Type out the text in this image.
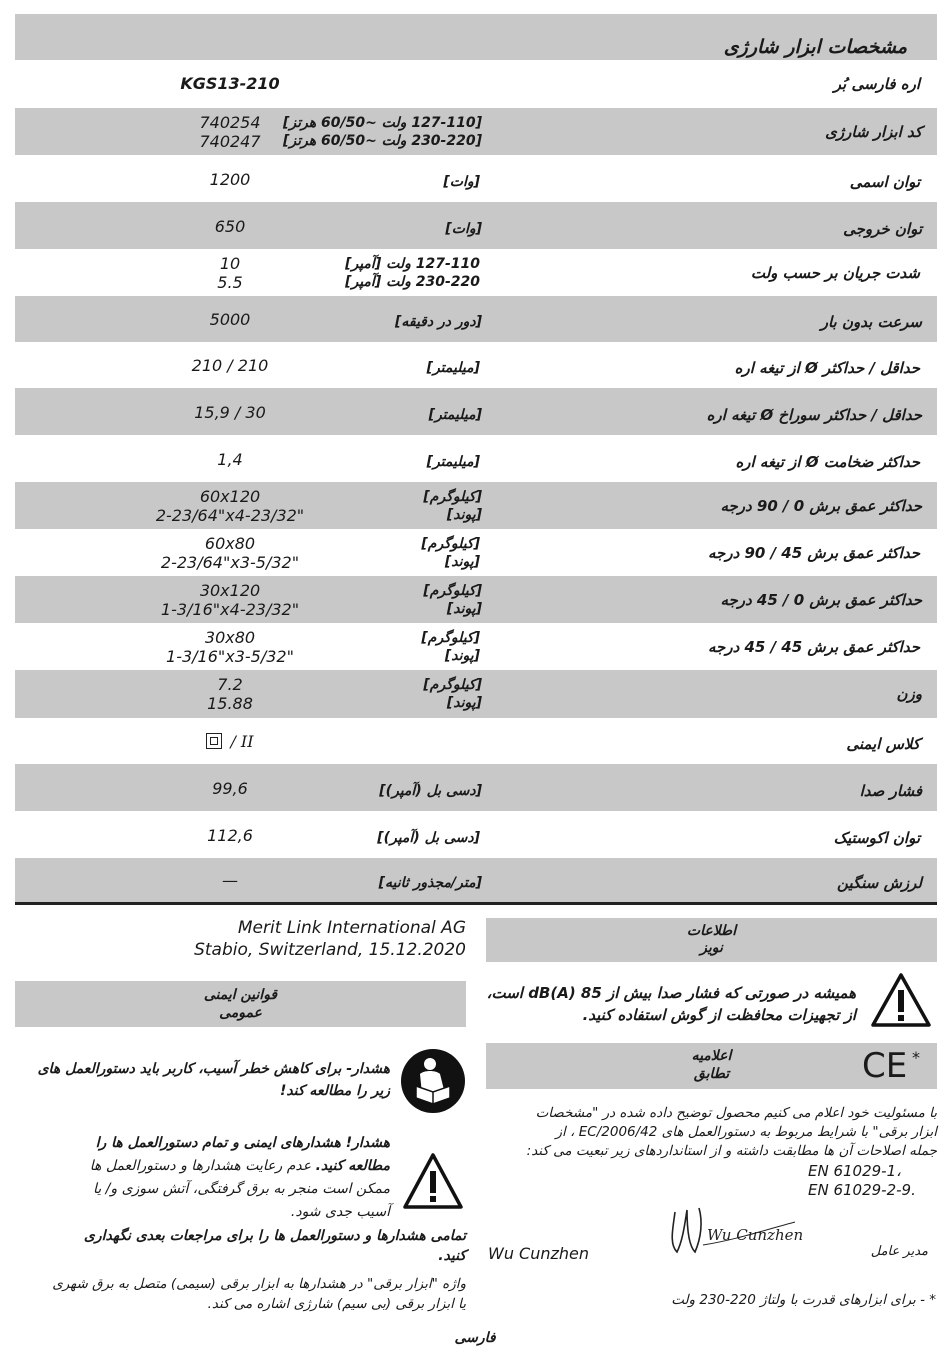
مشخصات ابزار شارژی
اره فارسی بُر
KGS13-210
کد ابزار شارژی
[127-110 ولت ~60/50 هرتز]
[230-220 ولت ~60/50 هرتز]
740254
740247
توان اسمی
[وات]
1200
توان خروجی
[وات]
650
شدت جریان بر حسب ولت
127-110 ولت [آمپر]
230-220 ولت [آمپر]
10
5.5
سرعت بدون بار
[دور در دقیقه]
5000
حداقل / حداکثر Ø از تیغه اره
[میلیمتر]
210 / 210
حداقل / حداکثر سوراخ Ø تیغه اره
[میلیمتر]
15,9 / 30
حداکثر ضخامت Ø از تیغه اره
[میلیمتر]
1,4
حداکثر عمق برش 0 / 90 درجه
[کیلوگرم]
[پوند]
60x120
2-23/64"x4-23/32"
حداکثر عمق برش 45 / 90 درجه
[کیلوگرم]
[پوند]
60x80
2-23/64"x3-5/32"
حداکثر عمق برش 0 / 45 درجه
[کیلوگرم]
[پوند]
30x120
1-3/16"x4-23/32"
حداکثر عمق برش 45 / 45 درجه
[کیلوگرم]
[پوند]
30x80
1-3/16"x3-5/32"
وزن
[کیلوگرم]
[پوند]
7.2
15.88
کلاس ایمنی
/ II
فشار صدا
[دسی بل (آمپر)]
99,6
توان اکوستیک
[دسی بل (آمپر)]
112,6
لرزش سنگین
[متر/مجذور ثانیه]
—
Merit Link International AG
Stabio, Switzerland, 15.12.2020
اطلاعات
نویز
همیشه در صورتی که فشار صدا بیش از 85 dB(A) است،
از تجهیزات محافظت از گوش استفاده کنید.
اعلامیه
تطابق	CE *
با مسئولیت خود اعلام می کنیم محصول توضیح داده شده در "مشخصات
ابزار برقی" با شرایط مربوط به دستورالعمل های 2006/42/EC ، از
جمله اصلاحات آن ها مطابقت داشته و از استانداردهای زیر تبعیت می کند:
EN 61029-1،
EN 61029-2-9.
Wu Cunzhen
مدیر عامل
Wu Cunzhen
* - برای ابزارهای قدرت با ولتاژ 220-230 ولت
قوانین ایمنی
عمومی
هشدار- برای کاهش خطر آسیب، کاربر باید دستورالعمل های
زیر را مطالعه کند!
هشدار! هشدارهای ایمنی و تمام دستورالعمل ها را
مطالعه کنید. عدم رعایت هشدارها و دستورالعمل ها
ممکن است منجر به برق گرفتگی، آتش سوزی و/ یا
آسیب جدی شود.
تمامی هشدارها و دستورالعمل ها را برای مراجعات بعدی نگهداری
کنید.
واژه "ابزار برقی" در هشدارها به ابزار برقی (سیمی) متصل به برق شهری
یا ابزار برقی (بی سیم) شارژی اشاره می کند.
فارسی
